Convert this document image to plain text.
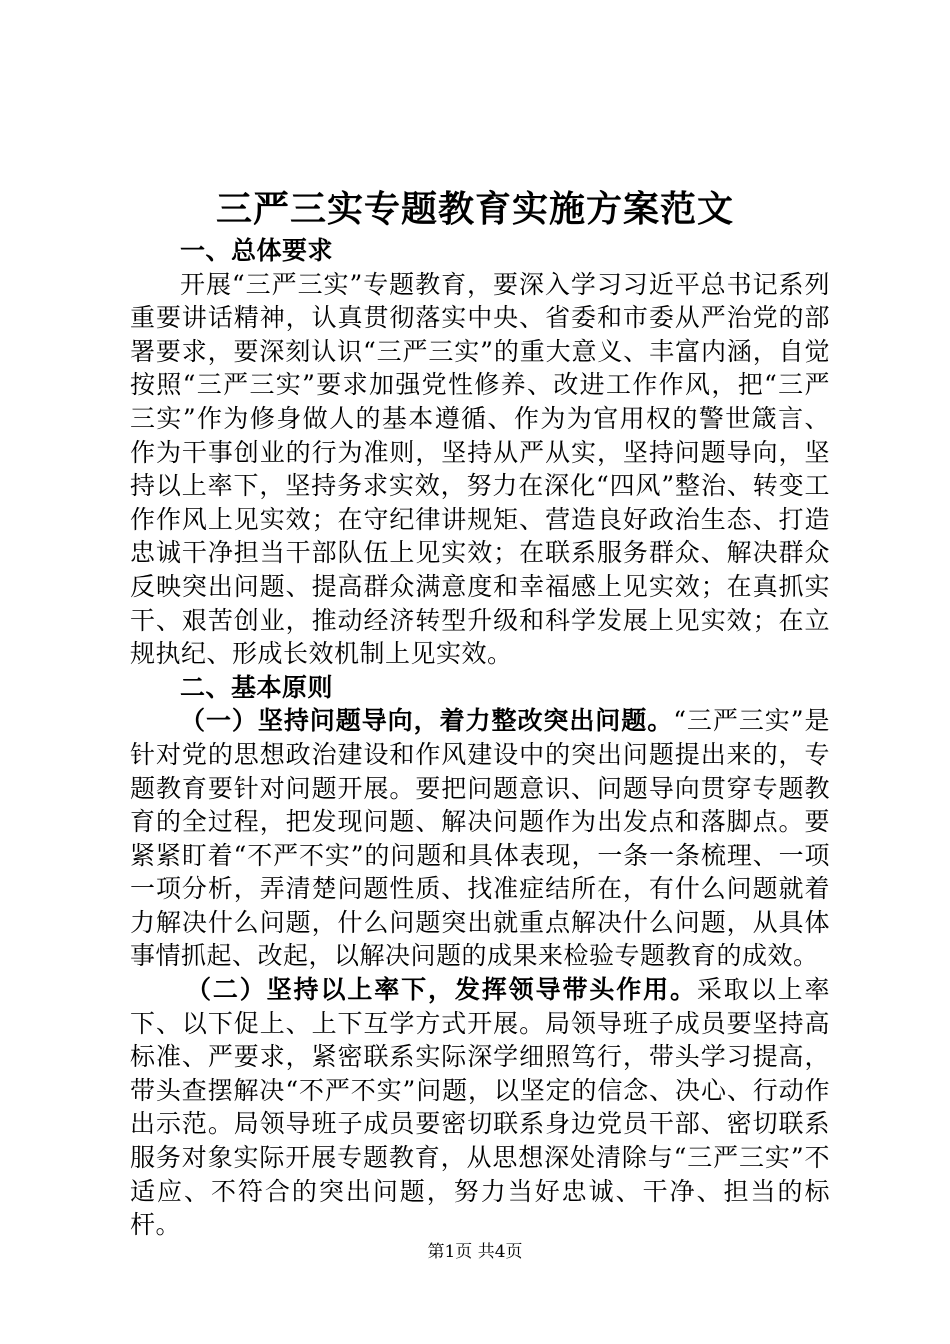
三严三实专题教育实施方案范文

一、总体要求

开展“三严三实”专题教育，要深入学习习近平总书记系列重要讲话精神，认真贯彻落实中央、省委和市委从严治党的部署要求，要深刻认识“三严三实”的重大意义、丰富内涵，自觉按照“三严三实”要求加强党性修养、改进工作作风，把“三严三实”作为修身做人的基本遵循、作为为官用权的警世箴言、作为干事创业的行为准则，坚持从严从实，坚持问题导向，坚持以上率下，坚持务求实效，努力在深化“四风”整治、转变工作作风上见实效；在守纪律讲规矩、营造良好政治生态、打造忠诚干净担当干部队伍上见实效；在联系服务群众、解决群众反映突出问题、提高群众满意度和幸福感上见实效；在真抓实干、艰苦创业，推动经济转型升级和科学发展上见实效；在立规执纪、形成长效机制上见实效。

二、基本原则

（一）坚持问题导向，着力整改突出问题。“三严三实”是针对党的思想政治建设和作风建设中的突出问题提出来的，专题教育要针对问题开展。要把问题意识、问题导向贯穿专题教育的全过程，把发现问题、解决问题作为出发点和落脚点。要紧紧盯着“不严不实”的问题和具体表现，一条一条梳理、一项一项分析，弄清楚问题性质、找准症结所在，有什么问题就着力解决什么问题，什么问题突出就重点解决什么问题，从具体事情抓起、改起，以解决问题的成果来检验专题教育的成效。

（二）坚持以上率下，发挥领导带头作用。采取以上率下、以下促上、上下互学方式开展。局领导班子成员要坚持高标准、严要求，紧密联系实际深学细照笃行，带头学习提高，带头查摆解决“不严不实”问题，以坚定的信念、决心、行动作出示范。局领导班子成员要密切联系身边党员干部、密切联系服务对象实际开展专题教育，从思想深处清除与“三严三实”不适应、不符合的突出问题，努力当好忠诚、干净、担当的标杆。

第1页 共4页
